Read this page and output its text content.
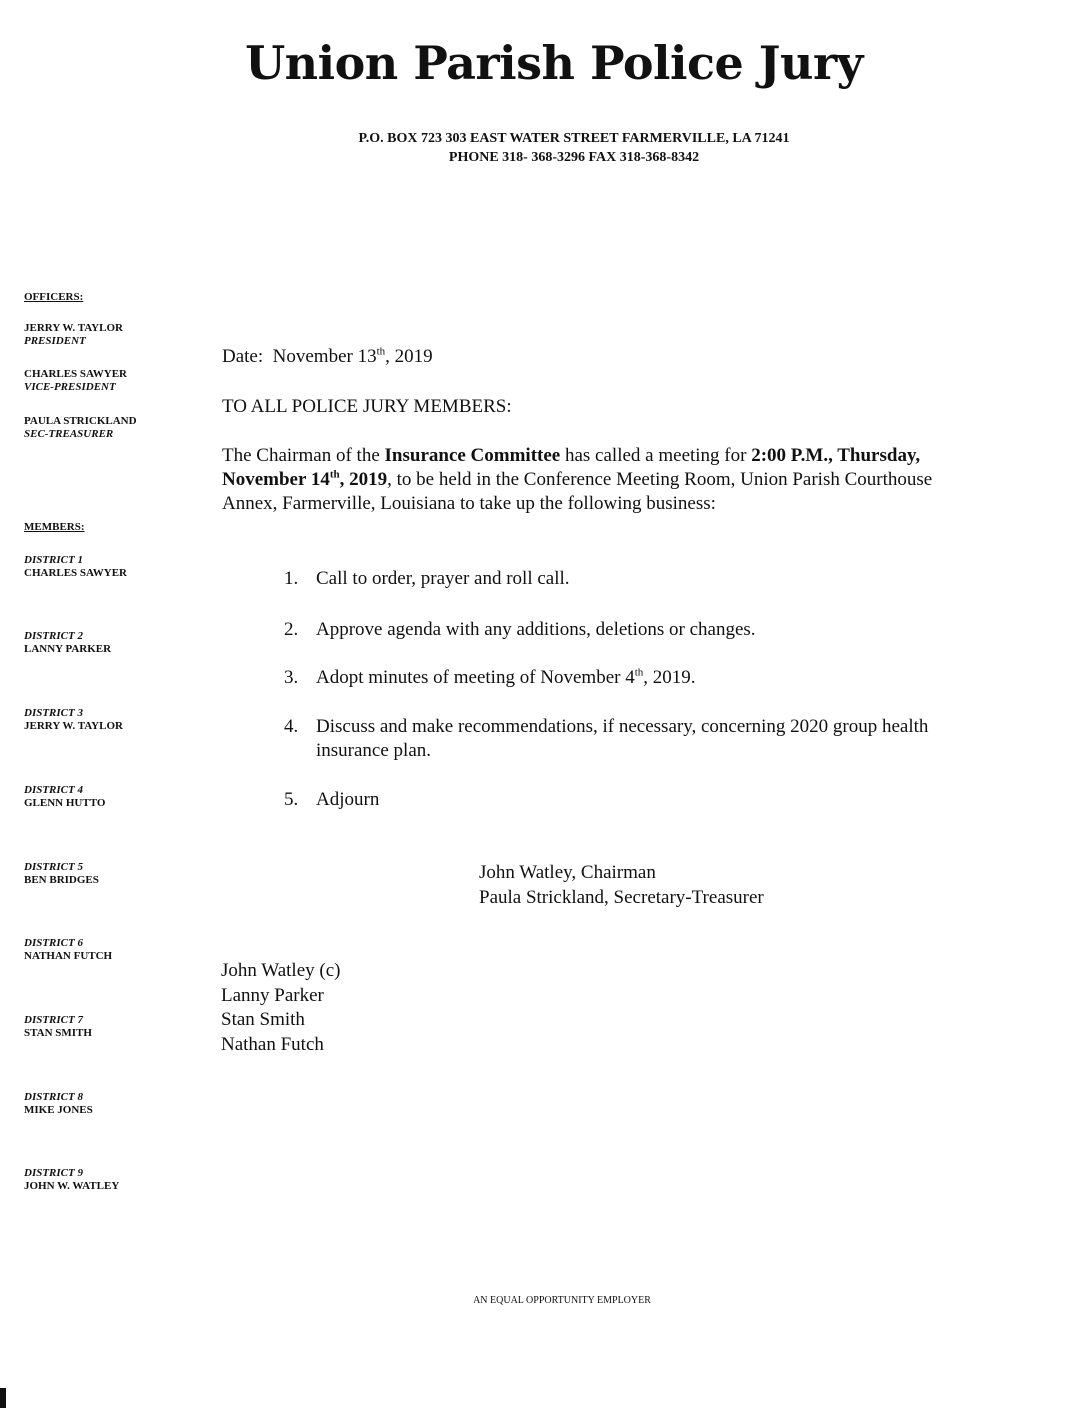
Union Parish Police Jury
P.O. BOX 723 303 EAST WATER STREET FARMERVILLE, LA 71241
PHONE 318- 368-3296 FAX 318-368-8342
OFFICERS:
JERRY W. TAYLOR
PRESIDENT
CHARLES SAWYER
VICE-PRESIDENT
PAULA STRICKLAND
SEC-TREASURER
MEMBERS:
DISTRICT 1
CHARLES SAWYER
DISTRICT 2
LANNY PARKER
DISTRICT 3
JERRY W. TAYLOR
DISTRICT 4
GLENN HUTTO
DISTRICT 5
BEN BRIDGES
DISTRICT 6
NATHAN FUTCH
DISTRICT 7
STAN SMITH
DISTRICT 8
MIKE JONES
DISTRICT 9
JOHN W. WATLEY
Date: November 13th, 2019
TO ALL POLICE JURY MEMBERS:
The Chairman of the Insurance Committee has called a meeting for 2:00 P.M., Thursday, November 14th, 2019, to be held in the Conference Meeting Room, Union Parish Courthouse Annex, Farmerville, Louisiana to take up the following business:
1. Call to order, prayer and roll call.
2. Approve agenda with any additions, deletions or changes.
3. Adopt minutes of meeting of November 4th, 2019.
4. Discuss and make recommendations, if necessary, concerning 2020 group health insurance plan.
5. Adjourn
John Watley, Chairman
Paula Strickland, Secretary-Treasurer
John Watley (c)
Lanny Parker
Stan Smith
Nathan Futch
AN EQUAL OPPORTUNITY EMPLOYER
